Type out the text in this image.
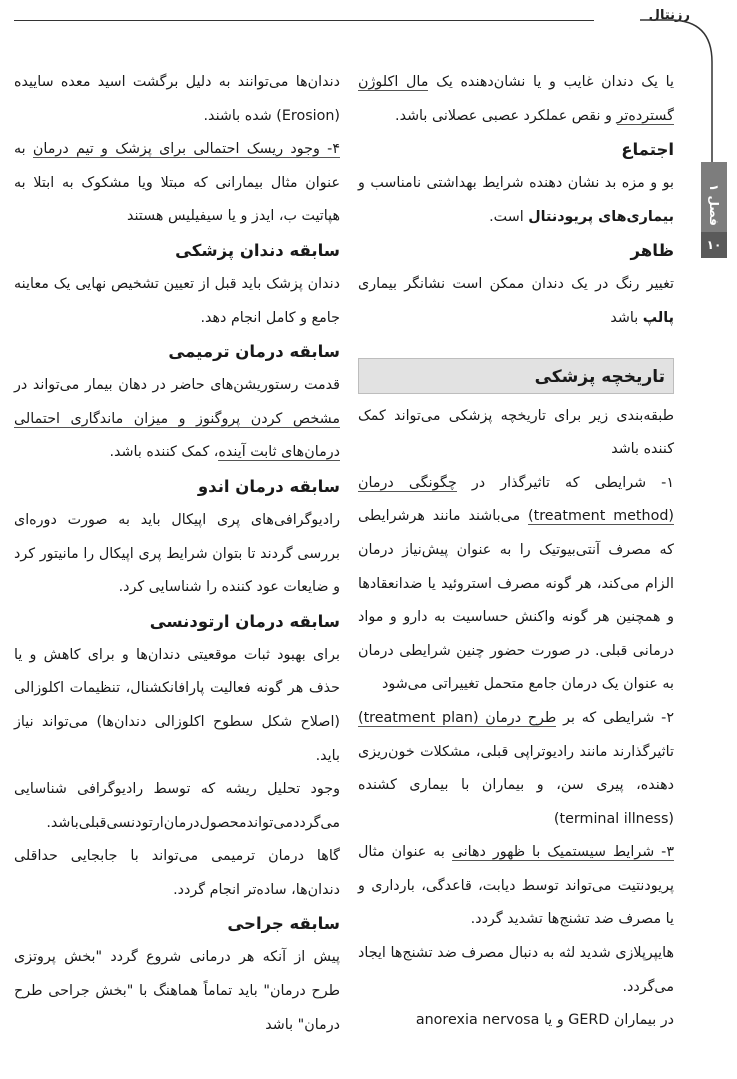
رزنتال
فصل ۱
۱۰

یا یک دندان غایب و یا نشان‌دهنده یک مال اکلوژن گسترده‌تر و نقص عملکرد عصبی عصلانی باشد.

اجتماع

بو و مزه بد نشان دهنده شرایط بهداشتی نامناسب و بیماری‌های پریودنتال است.

ظاهر

تغییر رنگ در یک دندان ممکن است نشانگر بیماری پالپ باشد

تاریخچه پزشکی

طبقه‌بندی زیر برای تاریخچه پزشکی می‌تواند کمک کننده باشد

۱- شرایطی که تاثیرگذار در چگونگی درمان (treatment method) می‌باشند مانند هرشرایطی که مصرف آنتی‌بیوتیک را به عنوان پیش‌نیاز درمان الزام می‌کند، هر گونه مصرف استروئید یا ضدانعقادها و همچنین هر گونه واکنش حساسیت به دارو و مواد درمانی قبلی. در صورت حضور چنین شرایطی درمان به عنوان یک درمان جامع متحمل تغییراتی می‌شود

۲- شرایطی که بر طرح درمان (treatment plan) تاثیرگذارند مانند رادیوتراپی قبلی، مشکلات خون‌ریزی دهنده، پیری سن، و بیماران با بیماری کشنده (terminal illness)

۳- شرایط سیستمیک با ظهور دهانی به عنوان مثال پریودنتیت می‌تواند توسط دیابت، قاعدگی، بارداری و یا مصرف ضد تشنج‌ها تشدید گردد.

هایپرپلازی شدید لثه به دنبال مصرف ضد تشنج‌ها ایجاد می‌گردد.

در بیماران GERD و یا anorexia nervosa

دندان‌ها می‌توانند به دلیل برگشت اسید معده ساییده (Erosion) شده باشند.

۴- وجود ریسک احتمالی برای پزشک و تیم درمان به عنوان مثال بیمارانی که مبتلا ویا مشکوک به ابتلا به هپاتیت ب، ایدز و یا سیفیلیس هستند

سابقه دندان پزشکی

دندان پزشک باید قبل از تعیین تشخیص نهایی یک معاینه جامع و کامل انجام دهد.

سابقه درمان ترمیمی

قدمت رستوریشن‌های حاضر در دهان بیمار می‌تواند در مشخص کردن پروگنوز و میزان ماندگاری احتمالی درمان‌های ثابت آینده، کمک کننده باشد.

سابقه درمان اندو

رادیوگرافی‌های پری اپیکال باید به صورت دوره‌ای بررسی گردند تا بتوان شرایط پری اپیکال را مانیتور کرد و ضایعات عود کننده را شناسایی کرد.

سابقه درمان ارتودنسی

برای بهبود ثبات موقعیتی دندان‌ها و برای کاهش و یا حذف هر گونه فعالیت پارافانکشنال، تنظیمات اکلوزالی (اصلاح شکل سطوح اکلوزالی دندان‌ها) می‌تواند نیاز باید.

وجود تحلیل ریشه که توسط رادیوگرافی شناسایی می‌گرددمی‌تواندمحصول‌درمان‌ارتودنسی‌قبلی‌باشد.

گاها درمان ترمیمی می‌تواند با جابجایی حداقلی دندان‌ها، ساده‌تر انجام گردد.

سابقه جراحی

پیش از آنکه هر درمانی شروع گردد "بخش پروتزی طرح درمان" باید تماماً هماهنگ با "بخش جراحی طرح درمان" باشد
